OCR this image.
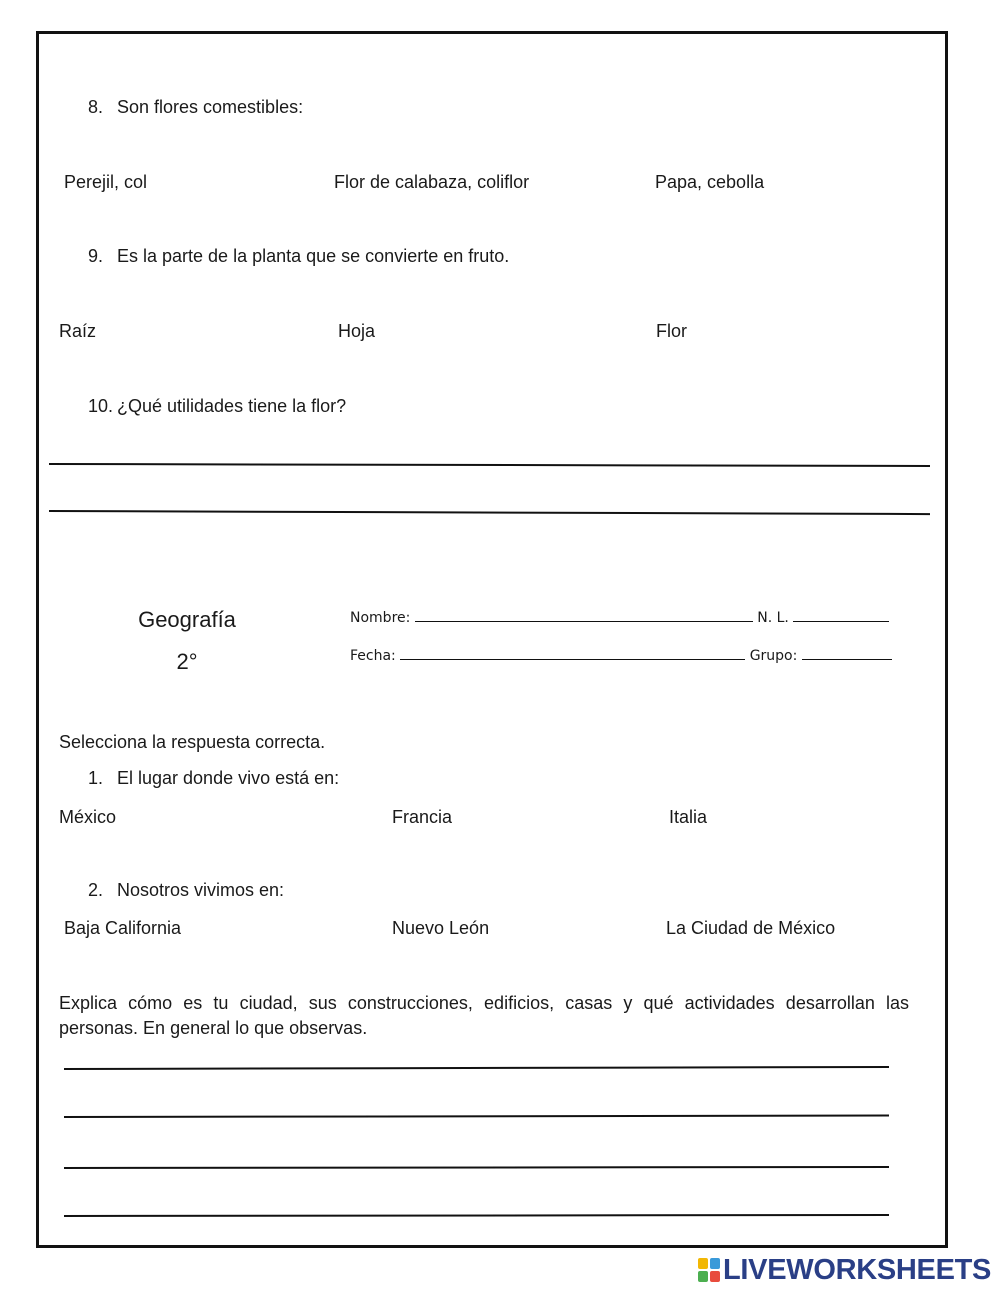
8. Son flores comestibles:
Perejil, col	Flor de calabaza, coliflor	Papa, cebolla
9. Es la parte de la planta que se convierte en fruto.
Raíz	Hoja	Flor
10. ¿Qué utilidades tiene la flor?
Geografía
2°
Nombre:	N. L.
Fecha:	Grupo:
Selecciona la respuesta correcta.
1. El lugar donde vivo está en:
México	Francia	Italia
2. Nosotros vivimos en:
Baja California	Nuevo León	La Ciudad de México
Explica cómo es tu ciudad, sus construcciones, edificios, casas y qué actividades desarrollan las personas. En general lo que observas.
LIVEWORKSHEETS
